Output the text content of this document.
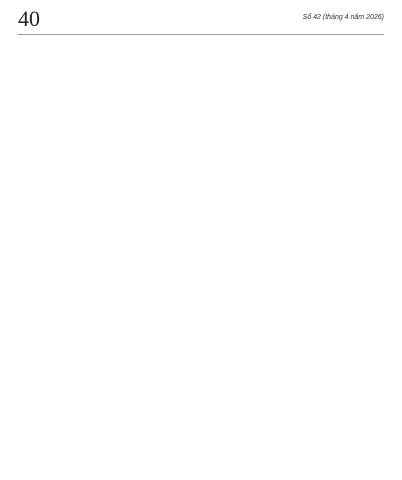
40	Số 42 (tháng 4 năm 2026)
